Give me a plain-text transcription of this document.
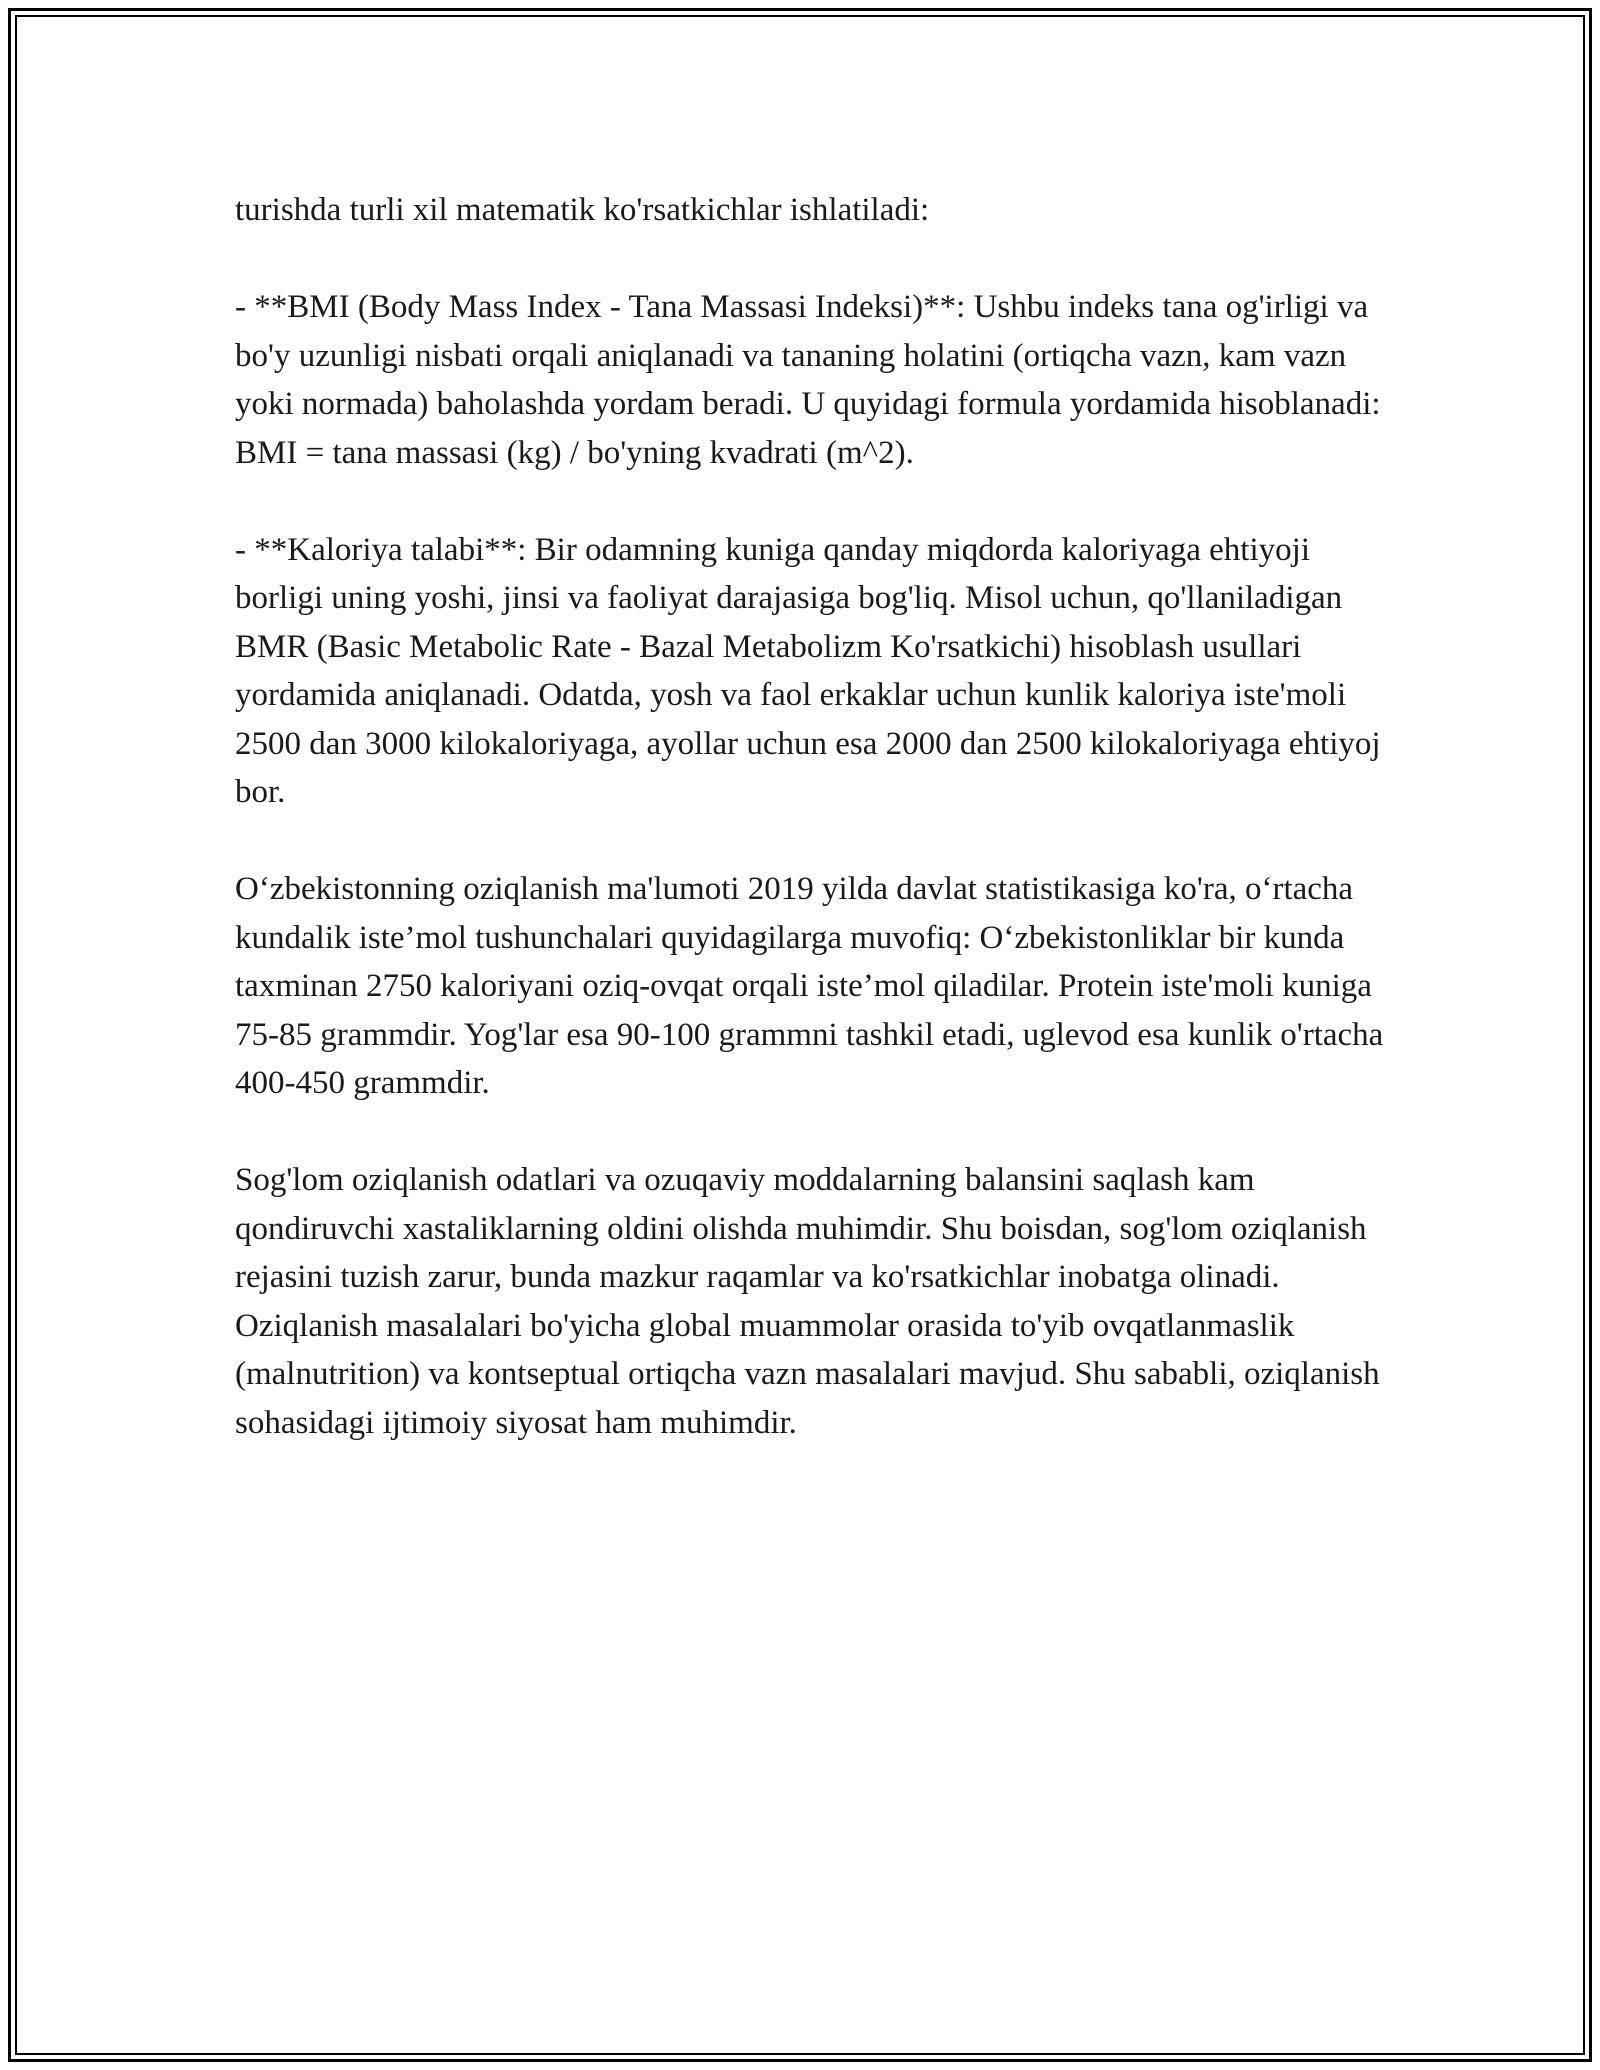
turishda turli xil matematik ko'rsatkichlar ishlatiladi:

- **BMI (Body Mass Index - Tana Massasi Indeksi)**: Ushbu indeks tana og'irligi va bo'y uzunligi nisbati orqali aniqlanadi va tananing holatini (ortiqcha vazn, kam vazn yoki normada) baholashda yordam beradi. U quyidagi formula yordamida hisoblanadi: BMI = tana massasi (kg) / bo'yning kvadrati (m^2).

- **Kaloriya talabi**: Bir odamning kuniga qanday miqdorda kaloriyaga ehtiyoji borligi uning yoshi, jinsi va faoliyat darajasiga bog'liq. Misol uchun, qo'llaniladigan BMR (Basic Metabolic Rate - Bazal Metabolizm Ko'rsatkichi) hisoblash usullari yordamida aniqlanadi. Odatda, yosh va faol erkaklar uchun kunlik kaloriya iste'moli 2500 dan 3000 kilokaloriyaga, ayollar uchun esa 2000 dan 2500 kilokaloriyaga ehtiyoj bor.

O‘zbekistonning oziqlanish ma'lumoti 2019 yilda davlat statistikasiga ko'ra, o‘rtacha kundalik iste’mol tushunchalari quyidagilarga muvofiq: O‘zbekistonliklar bir kunda taxminan 2750 kaloriyani oziq-ovqat orqali iste’mol qiladilar. Protein iste'moli kuniga 75-85 grammdir. Yog'lar esa 90-100 grammni tashkil etadi, uglevod esa kunlik o'rtacha 400-450 grammdir.

Sog'lom oziqlanish odatlari va ozuqaviy moddalarning balansini saqlash kam qondiruvchi xastaliklarning oldini olishda muhimdir. Shu boisdan, sog'lom oziqlanish rejasini tuzish zarur, bunda mazkur raqamlar va ko'rsatkichlar inobatga olinadi. Oziqlanish masalalari bo'yicha global muammolar orasida to'yib ovqatlanmaslik (malnutrition) va kontseptual ortiqcha vazn masalalari mavjud. Shu sababli, oziqlanish sohasidagi ijtimoiy siyosat ham muhimdir.
